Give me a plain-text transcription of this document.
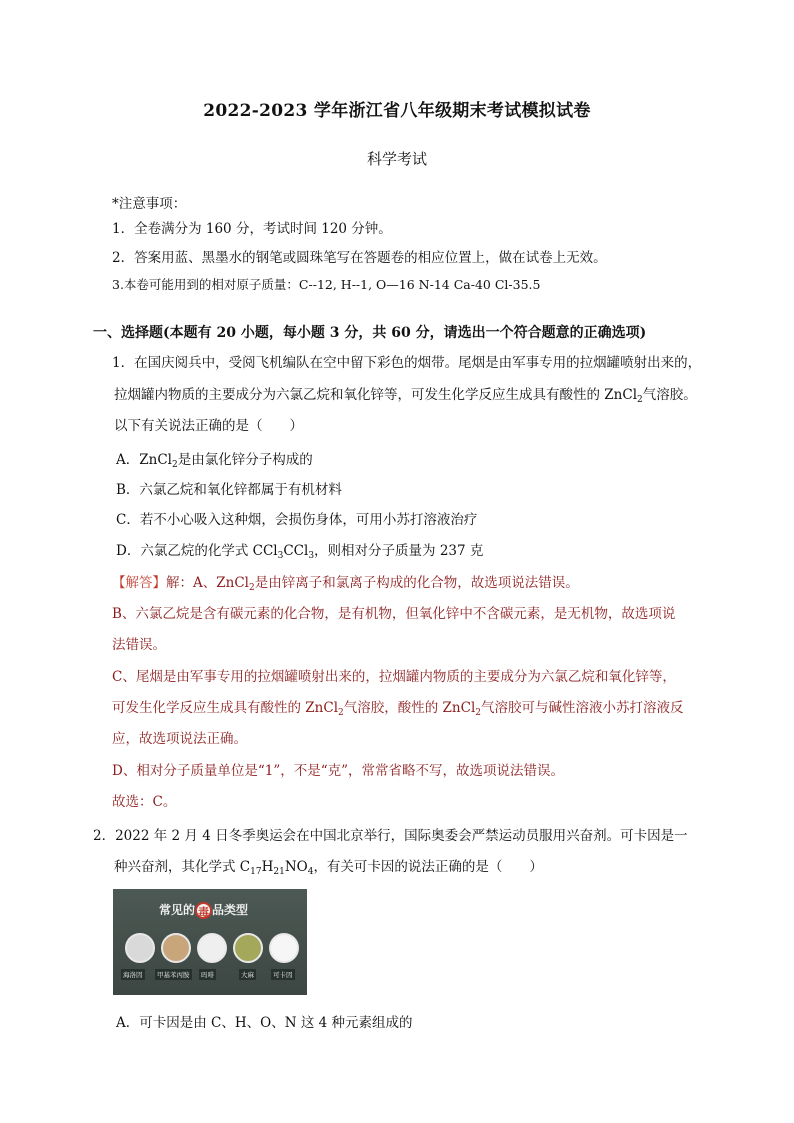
2022-2023 学年浙江省八年级期末考试模拟试卷
科学考试
*注意事项：
1．全卷满分为 160 分，考试时间 120 分钟。
2．答案用蓝、黑墨水的钢笔或圆珠笔写在答题卷的相应位置上，做在试卷上无效。
3.本卷可能用到的相对原子质量：C--12, H--1, O—16 N-14 Ca-40 Cl-35.5
一、选择题(本题有 20 小题，每小题 3 分，共 60 分，请选出一个符合题意的正确选项)
1．在国庆阅兵中，受阅飞机编队在空中留下彩色的烟带。尾烟是由军事专用的拉烟罐喷射出来的，
拉烟罐内物质的主要成分为六氯乙烷和氧化锌等，可发生化学反应生成具有酸性的 ZnCl$_2$气溶胶。
以下有关说法正确的是（　　）
A．ZnCl$_2$是由氯化锌分子构成的
B．六氯乙烷和氧化锌都属于有机材料
C．若不小心吸入这种烟，会损伤身体，可用小苏打溶液治疗
D．六氯乙烷的化学式 CCl$_3$CCl$_3$，则相对分子质量为 237 克
【解答】解：A、ZnCl$_2$是由锌离子和氯离子构成的化合物，故选项说法错误。
B、六氯乙烷是含有碳元素的化合物，是有机物，但氧化锌中不含碳元素，是无机物，故选项说
法错误。
C、尾烟是由军事专用的拉烟罐喷射出来的，拉烟罐内物质的主要成分为六氯乙烷和氧化锌等，
可发生化学反应生成具有酸性的 ZnCl$_2$气溶胶，酸性的 ZnCl$_2$气溶胶可与碱性溶液小苏打溶液反
应，故选项说法正确。
D、相对分子质量单位是“1”，不是“克”，常常省略不写，故选项说法错误。
故选：C。
2．2022 年 2 月 4 日冬季奥运会在中国北京举行，国际奥委会严禁运动员服用兴奋剂。可卡因是一
种兴奋剂，其化学式 $C_{17}H_{21}NO_4$，有关可卡因的说法正确的是（　　）
常见的 毒 品类型
海洛因	甲基苯丙胺	吗啡	大麻	可卡因
A．可卡因是由 C、H、O、N 这 4 种元素组成的
